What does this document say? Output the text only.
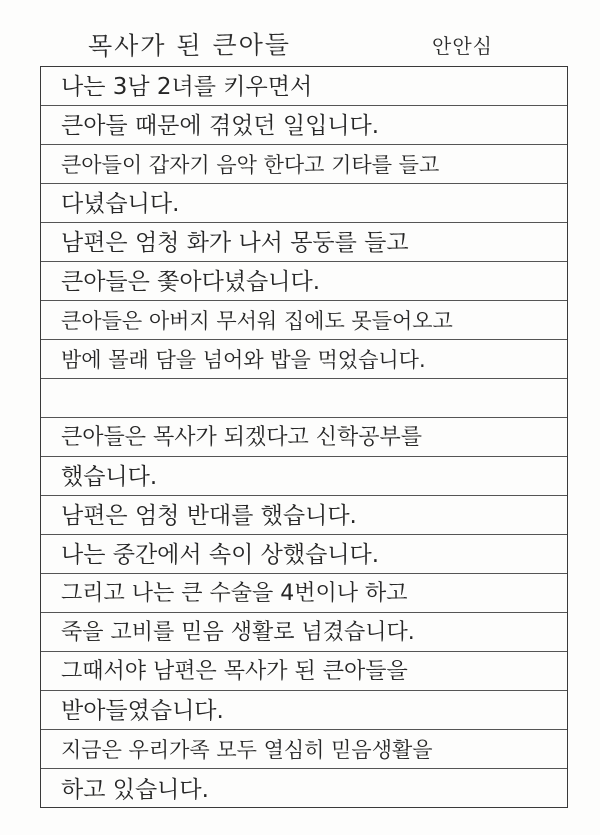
목사가 된 큰아들	안안심
나는 3남 2녀를 키우면서
큰아들 때문에 겪었던 일입니다.
큰아들이 갑자기 음악 한다고 기타를 들고
다녔습니다.
남편은 엄청 화가 나서 몽둥를 들고
큰아들은 쫓아다녔습니다.
큰아들은 아버지 무서워 집에도 못들어오고
밤에 몰래 담을 넘어와 밥을 먹었습니다.
큰아들은 목사가 되겠다고 신학공부를
했습니다.
남편은 엄청 반대를 했습니다.
나는 중간에서 속이 상했습니다.
그리고 나는 큰 수술을 4번이나 하고
죽을 고비를 믿음 생활로 넘겼습니다.
그때서야 남편은 목사가 된 큰아들을
받아들였습니다.
지금은 우리가족 모두 열심히 믿음생활을
하고 있습니다.
